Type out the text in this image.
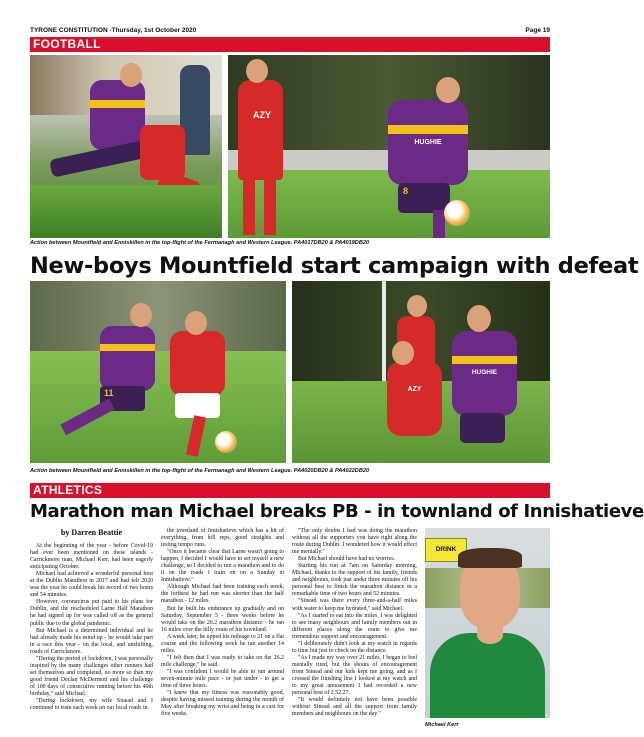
TYRONE CONSTITUTION -Thursday, 1st October 2020	Page 19
FOOTBALL
AZY
HUGHIE
8
Action between Mountfield and Enniskillen in the top-flight of the Fermanagh and Western League. PA4017DB20 & PA4019DB20
New-boys Mountfield start campaign with defeat
11	AZY
HUGHIE
Action between Mountfield and Enniskillen in the top-flight of the Fermanagh and Western League. PA4020DB20 & PA4022DB20
ATHLETICS
Marathon man Michael breaks PB - in townland of Innishatieve
by Darren Beattie

At the beginning of the year - before Covid-19 had ever been mentioned on these islands - Carrickmore man, Michael Kerr, had been eagerly anticipating October.

Michael had achieved a wonderful personal best at the Dublin Marathon in 2017 and had felt 2020 was the year he could break his record of two hours and 54 minutes.

However, coronavirus put paid to his plans for Dublin, and the rescheduled Larne Half Marathon he had signed up for was called off as the general public due to the global pandemic.

But Michael is a determined individual and he had already made his mind up - he would take part in a race this year - on the local, and unshifting, roads of Carrickmore.

"During the period of lockdown, I was personally inspired by the many challenges other runners had set themselves and completed, no more so than my good friend Declan McDermott and his challenge of 100 days of consecutive running before his 40th birthday," said Michael.

"During lockdown, my wife Sinead and I continued to train each week on our local roads in

the townland of Innishatieve which has a bit of everything, from hill reps, good straights and testing tempo runs.

"Once it became clear that Larne wasn't going to happen, I decided I would have to set myself a new challenge, so I decided to run a marathon and to do it on the roads I train on on a Sunday in Innishatieve."

Although Michael had been training each week, the furthest he had run was shorter than the half marathon - 12 miles.

But he built his endurance up gradually and on Saturday, September 5 - three weeks before he would take on the 26.2 marathon distance - he ran 16 miles over the hilly route of his townland.

A week later, he upped his mileage to 21 on a flat course and the following week he ran another 14 miles.

"I felt then that I was ready to take on the 26.2 mile challenge," he said.

"I was confident I would be able to run around seven-minute mile pace - or just under - to get a time of three hours.

"I knew that my fitness was reasonably good, despite having missed training during the month of May after breaking my wrist and being in a cast for five weeks.

"The only doubts I had was doing the marathon without all the supporters you have right along the route during Dublin. I wondered how it would effect me mentally."

But Michael should have had no worries.

Starting his run at 7am on Saturday morning, Michael, thanks to the support of his family, friends and neighbours, took just under three minutes off his personal best to finish the marathon distance in a remarkable time of two hours and 52 minutes.

"Sinead was there every three-and-a-half miles with water to keep me hydrated," said Michael.

"As I started to eat into the miles, I was delighted to see many neighbours and family members out in different places along the route to give me tremendous support and encouragement.

"I deliberately didn't look at my watch in regards to time but just to check on the distance.

"As I made my way over 21 miles, I began to feel mentally tired, but the shouts of encouragement from Sinead and our kids kept me going, and as I crossed the finishing line I looked at my watch and to my great amusement I had recorded a new personal best of 2.52.27.

"It would definitely not have been possible without Sinead and all the support from family members and neighbours on the day."

DRINK
Michael Kerr
